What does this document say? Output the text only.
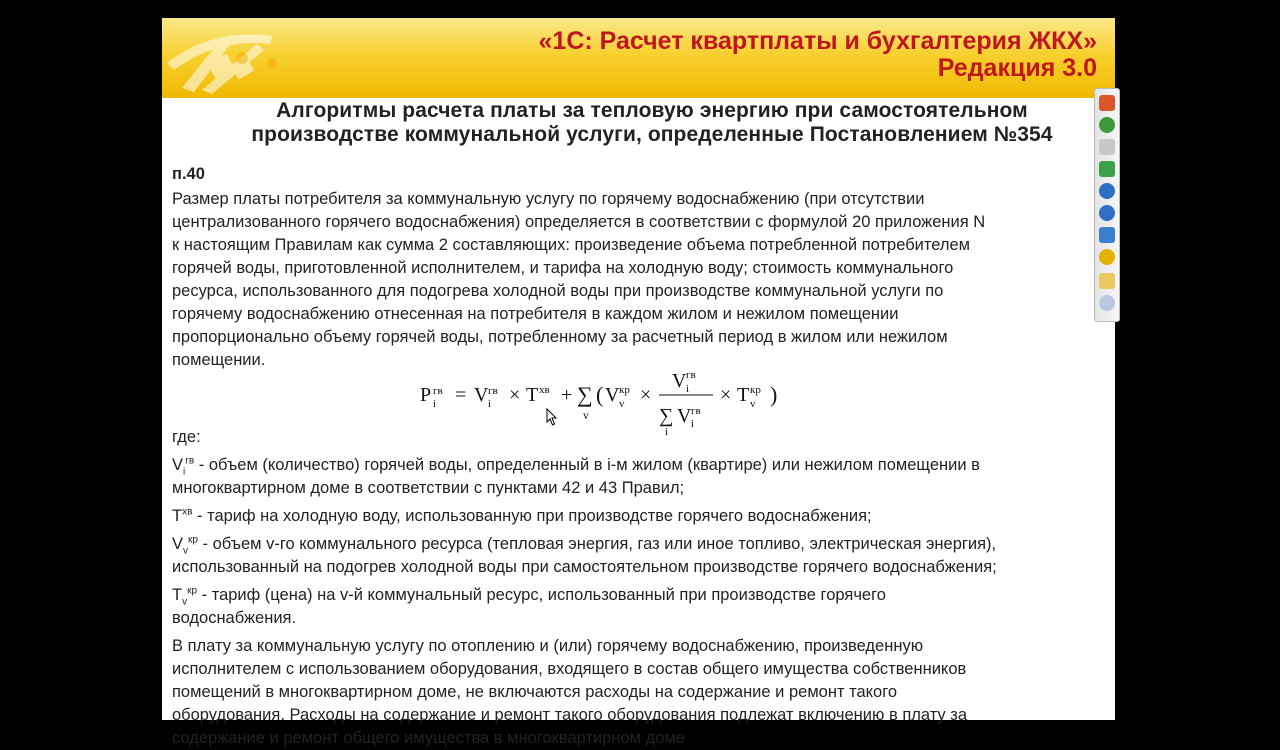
«1С: Расчет квартплаты и бухгалтерия ЖКХ»
Редакция 3.0
Алгоритмы расчета платы за тепловую энергию при самостоятельном
производстве коммунальной услуги, определенные Постановлением №354

п.40

Размер платы потребителя за коммунальную услугу по горячему водоснабжению (при отсутствии
централизованного горячего водоснабжения) определяется в соответствии с формулой 20 приложения N
к настоящим Правилам как сумма 2 составляющих: произведение объема потребленной потребителем
горячей воды, приготовленной исполнителем, и тарифа на холодную воду; стоимость коммунального
ресурса, использованного для подогрева холодной воды при производстве коммунальной услуги по
горячему водоснабжению отнесенная на потребителя в каждом жилом и нежилом помещении
пропорционально объему горячей воды, потребленному за расчетный период в жилом или нежилом
помещении.
P i
гв = V i
гв × T хв + ∑
v
( V v
кр ×
V i
гв
∑
i
V i
гв
× T v
кр )

где:

$V_i^{гв}$ - объем (количество) горячей воды, определенный в i-м жилом (квартире) или нежилом помещении в
многоквартирном доме в соответствии с пунктами 42 и 43 Правил;
$T^{хв}$ - тариф на холодную воду, использованную при производстве горячего водоснабжения;
$V_v^{кр}$ - объем v-го коммунального ресурса (тепловая энергия, газ или иное топливо, электрическая энергия),
использованный на подогрев холодной воды при самостоятельном производстве горячего водоснабжения;
$T_v^{кр}$ - тариф (цена) на v-й коммунальный ресурс, использованный при производстве горячего
водоснабжения.
В плату за коммунальную услугу по отоплению и (или) горячему водоснабжению, произведенную
исполнителем с использованием оборудования, входящего в состав общего имущества собственников
помещений в многоквартирном доме, не включаются расходы на содержание и ремонт такого
оборудования. Расходы на содержание и ремонт такого оборудования подлежат включению в плату за
содержание и ремонт общего имущества в многоквартирном доме
